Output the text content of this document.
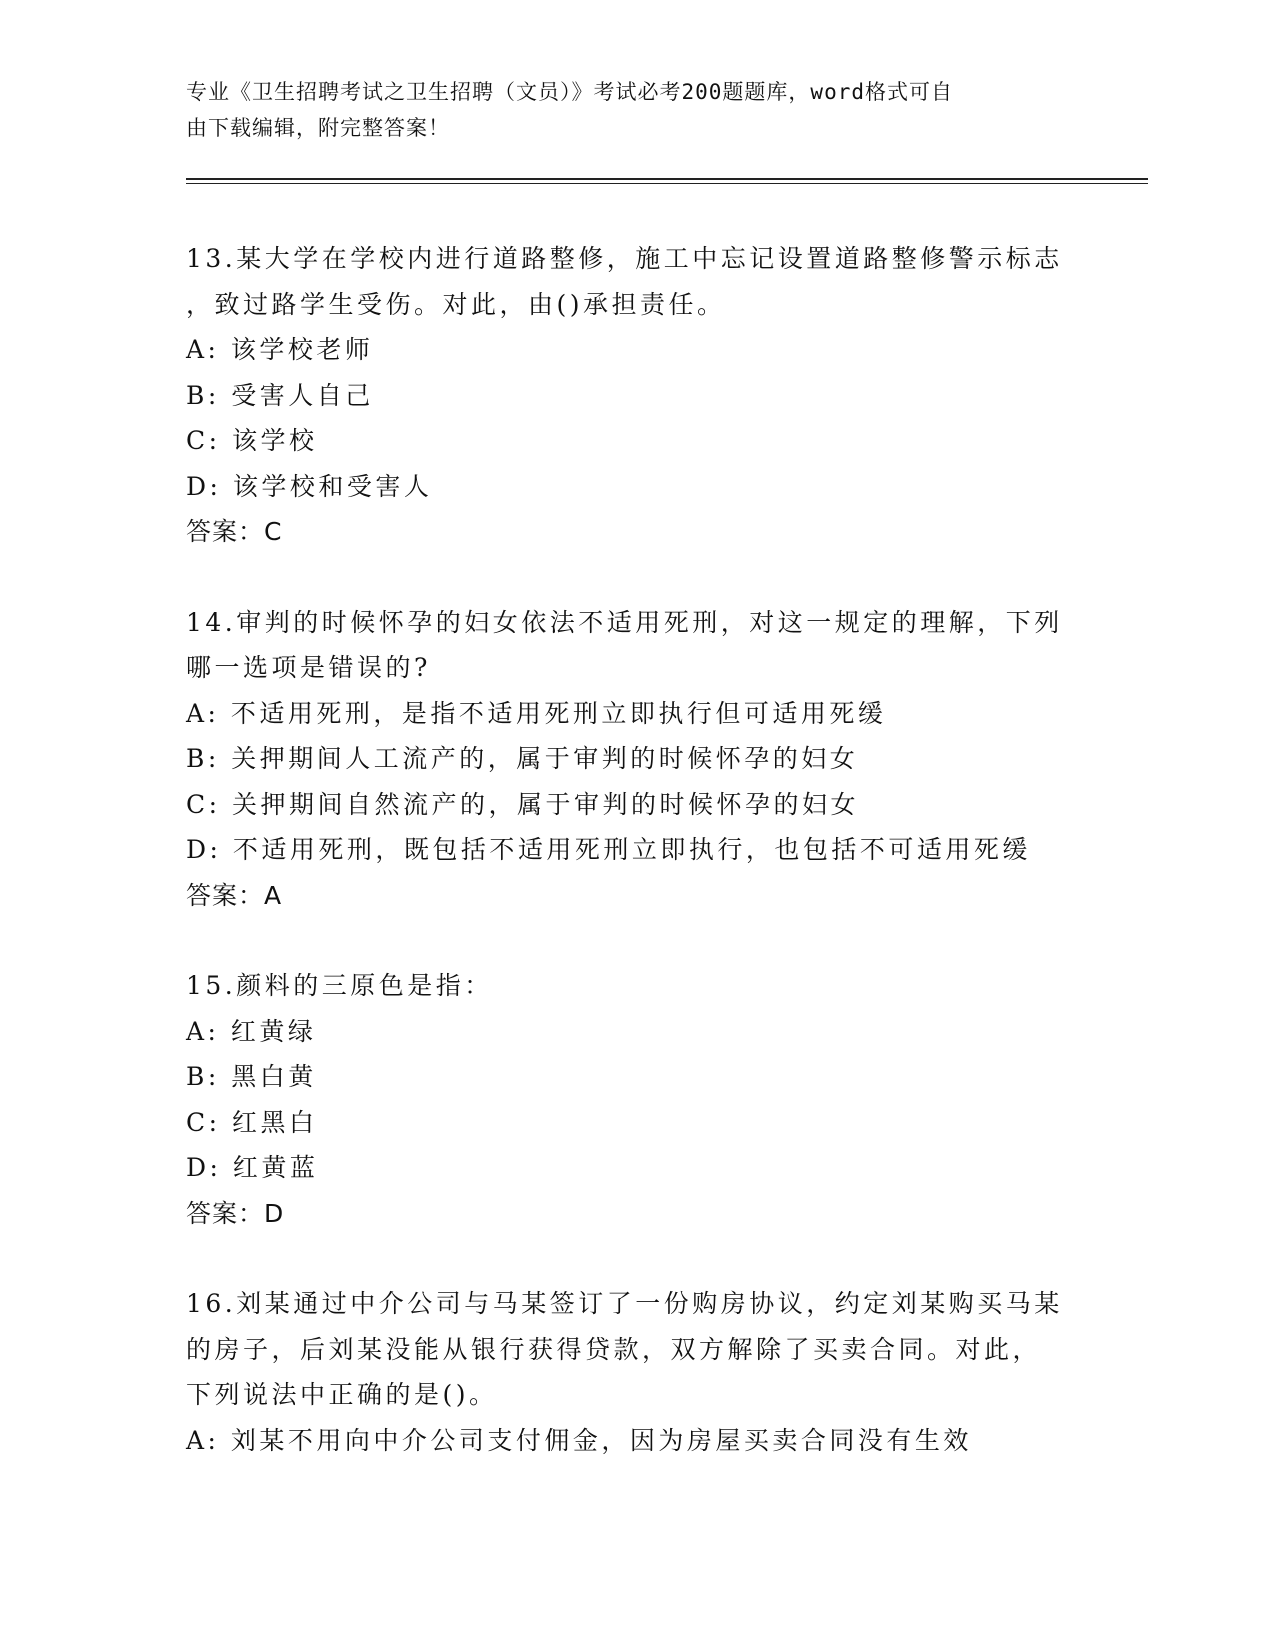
专业《卫生招聘考试之卫生招聘（文员）》考试必考200题题库，word格式可自
由下载编辑，附完整答案！
13.某大学在学校内进行道路整修，施工中忘记设置道路整修警示标志
，致过路学生受伤。对此，由()承担责任。
A: 该学校老师
B: 受害人自己
C: 该学校
D: 该学校和受害人
答案：C
14.审判的时候怀孕的妇女依法不适用死刑，对这一规定的理解，下列
哪一选项是错误的?
A: 不适用死刑，是指不适用死刑立即执行但可适用死缓
B: 关押期间人工流产的，属于审判的时候怀孕的妇女
C: 关押期间自然流产的，属于审判的时候怀孕的妇女
D: 不适用死刑，既包括不适用死刑立即执行，也包括不可适用死缓
答案：A
15.颜料的三原色是指：
A: 红黄绿
B: 黑白黄
C: 红黑白
D: 红黄蓝
答案：D
16.刘某通过中介公司与马某签订了一份购房协议，约定刘某购买马某
的房子，后刘某没能从银行获得贷款，双方解除了买卖合同。对此，
下列说法中正确的是()。
A: 刘某不用向中介公司支付佣金，因为房屋买卖合同没有生效
